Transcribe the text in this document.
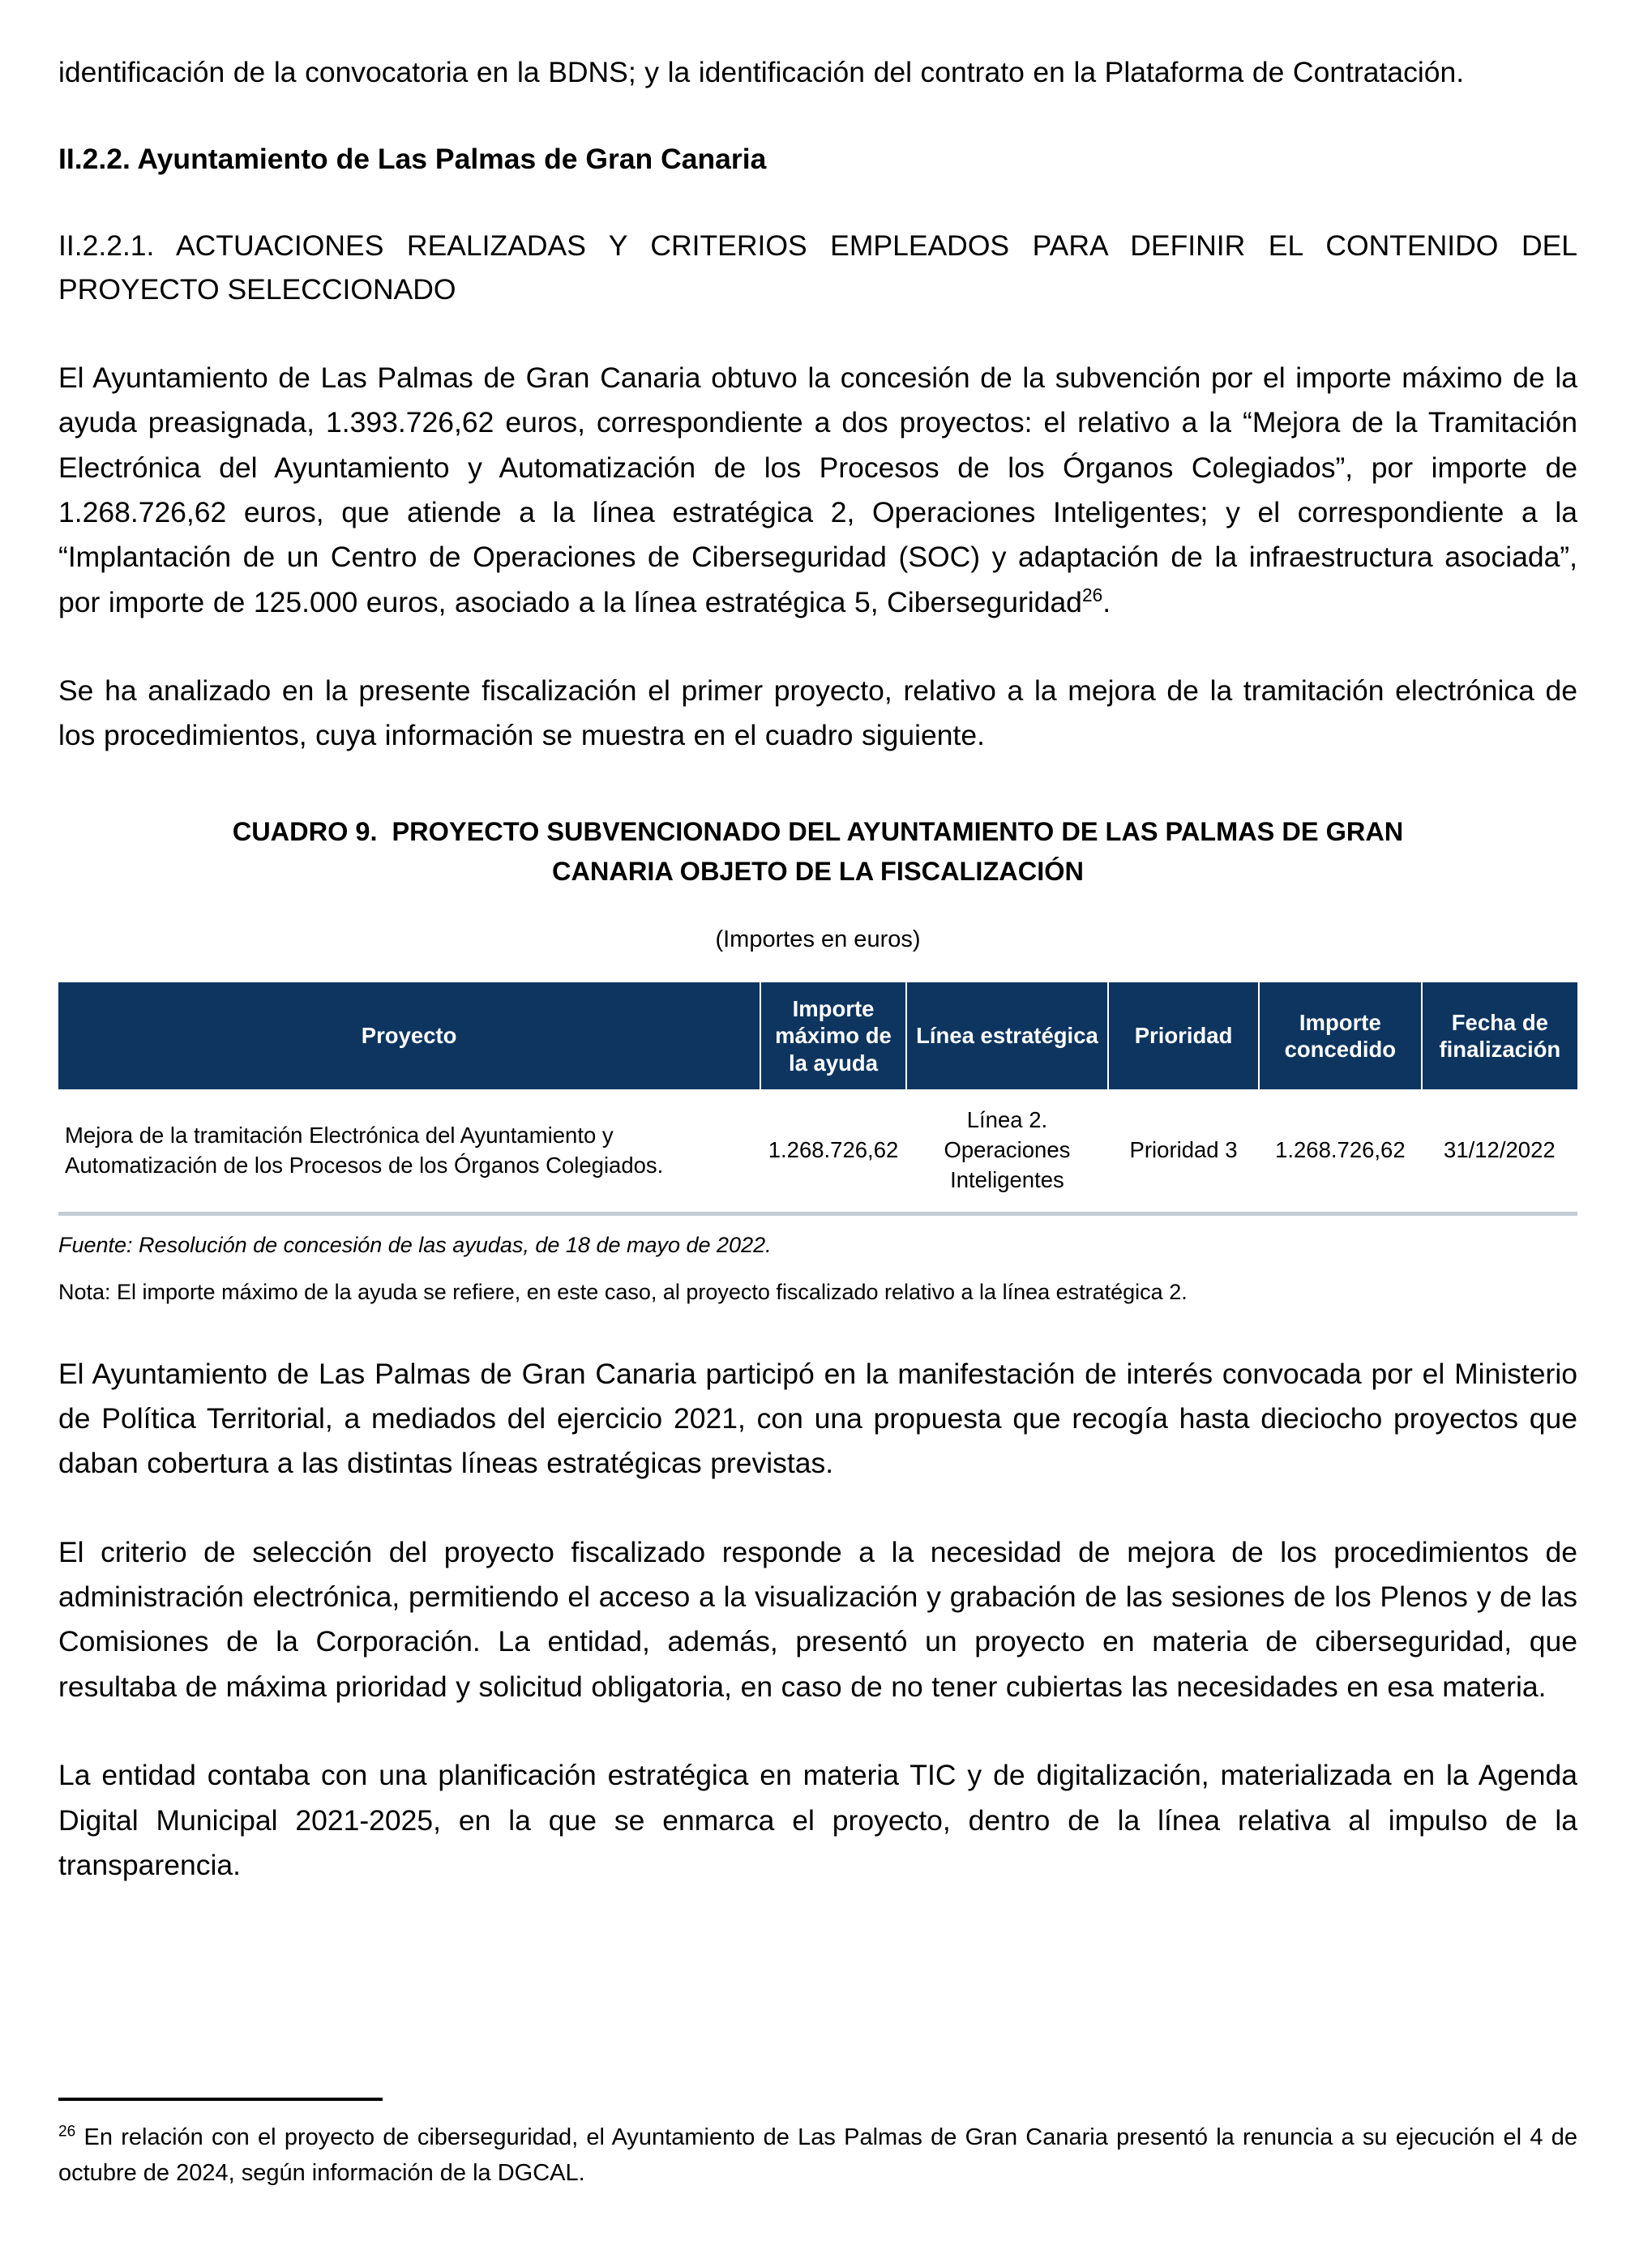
identificación de la convocatoria en la BDNS; y la identificación del contrato en la Plataforma de Contratación.

II.2.2. Ayuntamiento de Las Palmas de Gran Canaria
II.2.2.1. ACTUACIONES REALIZADAS Y CRITERIOS EMPLEADOS PARA DEFINIR EL CONTENIDO DEL PROYECTO SELECCIONADO

El Ayuntamiento de Las Palmas de Gran Canaria obtuvo la concesión de la subvención por el importe máximo de la ayuda preasignada, 1.393.726,62 euros, correspondiente a dos proyectos: el relativo a la “Mejora de la Tramitación Electrónica del Ayuntamiento y Automatización de los Procesos de los Órganos Colegiados”, por importe de 1.268.726,62 euros, que atiende a la línea estratégica 2, Operaciones Inteligentes; y el correspondiente a la “Implantación de un Centro de Operaciones de Ciberseguridad (SOC) y adaptación de la infraestructura asociada”, por importe de 125.000 euros, asociado a la línea estratégica 5, Ciberseguridad$^{26}$.

Se ha analizado en la presente fiscalización el primer proyecto, relativo a la mejora de la tramitación electrónica de los procedimientos, cuya información se muestra en el cuadro siguiente.

CUADRO 9. PROYECTO SUBVENCIONADO DEL AYUNTAMIENTO DE LAS PALMAS DE GRAN CANARIA OBJETO DE LA FISCALIZACIÓN

(Importes en euros)

Proyecto	Importe máximo de la ayuda	Línea estratégica	Prioridad	Importe concedido	Fecha de finalización
Mejora de la tramitación Electrónica del Ayuntamiento y Automatización de los Procesos de los Órganos Colegiados.	1.268.726,62	Línea 2. Operaciones Inteligentes	Prioridad 3	1.268.726,62	31/12/2022

Fuente: Resolución de concesión de las ayudas, de 18 de mayo de 2022.

Nota: El importe máximo de la ayuda se refiere, en este caso, al proyecto fiscalizado relativo a la línea estratégica 2.

El Ayuntamiento de Las Palmas de Gran Canaria participó en la manifestación de interés convocada por el Ministerio de Política Territorial, a mediados del ejercicio 2021, con una propuesta que recogía hasta dieciocho proyectos que daban cobertura a las distintas líneas estratégicas previstas.

El criterio de selección del proyecto fiscalizado responde a la necesidad de mejora de los procedimientos de administración electrónica, permitiendo el acceso a la visualización y grabación de las sesiones de los Plenos y de las Comisiones de la Corporación. La entidad, además, presentó un proyecto en materia de ciberseguridad, que resultaba de máxima prioridad y solicitud obligatoria, en caso de no tener cubiertas las necesidades en esa materia.

La entidad contaba con una planificación estratégica en materia TIC y de digitalización, materializada en la Agenda Digital Municipal 2021-2025, en la que se enmarca el proyecto, dentro de la línea relativa al impulso de la transparencia.

$^{26}$ En relación con el proyecto de ciberseguridad, el Ayuntamiento de Las Palmas de Gran Canaria presentó la renuncia a su ejecución el 4 de octubre de 2024, según información de la DGCAL.
